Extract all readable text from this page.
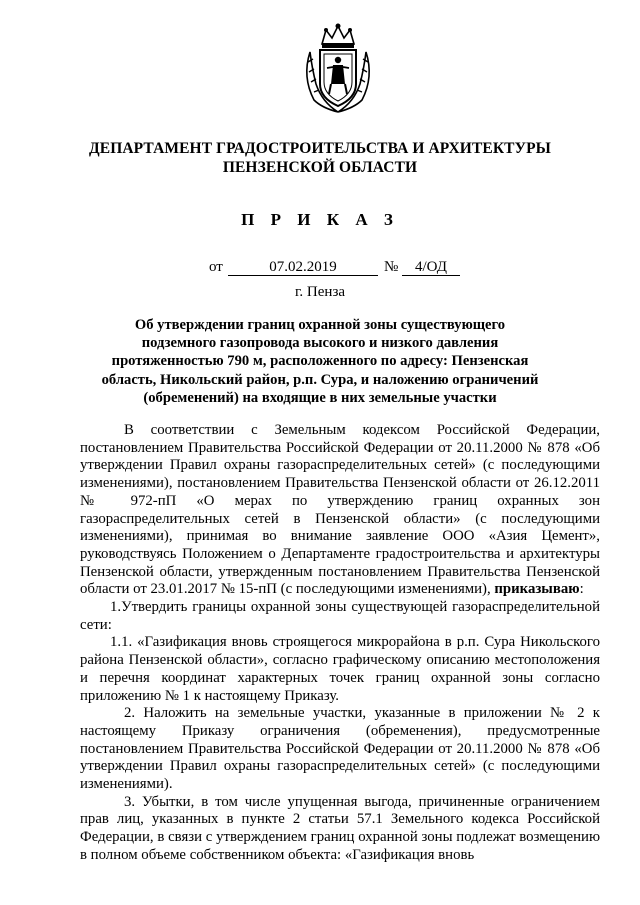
ДЕПАРТАМЕНТ ГРАДОСТРОИТЕЛЬСТВА И АРХИТЕКТУРЫ
ПЕНЗЕНСКОЙ ОБЛАСТИ
П Р И К А З
от	07.02.2019	№	4/ОД
г. Пенза
Об утверждении границ охранной зоны существующего подземного газопровода высокого и низкого давления протяженностью 790 м, расположенного по адресу: Пензенская область, Никольский район, р.п. Сура, и наложению ограничений (обременений) на входящие в них земельные участки

В соответствии с Земельным кодексом Российской Федерации, постановлением Правительства Российской Федерации от 20.11.2000 № 878 «Об утверждении Правил охраны газораспределительных сетей» (с последующими изменениями), постановлением Правительства Пензенской области от 26.12.2011 № 972-пП «О мерах по утверждению границ охранных зон газораспределительных сетей в Пензенской области» (с последующими изменениями), принимая во внимание заявление ООО «Азия Цемент», руководствуясь Положением о Департаменте градостроительства и архитектуры Пензенской области, утвержденным постановлением Правительства Пензенской области от 23.01.2017 № 15-пП (с последующими изменениями), приказываю:

1.Утвердить границы охранной зоны существующей газораспределительной сети:

1.1. «Газификация вновь строящегося микрорайона в р.п. Сура Никольского района Пензенской области», согласно графическому описанию местоположения и перечня координат характерных точек границ охранной зоны согласно приложению № 1 к настоящему Приказу.

2. Наложить на земельные участки, указанные в приложении № 2 к настоящему Приказу ограничения (обременения), предусмотренные постановлением Правительства Российской Федерации от 20.11.2000 № 878 «Об утверждении Правил охраны газораспределительных сетей» (с последующими изменениями).

3. Убытки, в том числе упущенная выгода, причиненные ограничением прав лиц, указанных в пункте 2 статьи 57.1 Земельного кодекса Российской Федерации, в связи с утверждением границ охранной зоны подлежат возмещению в полном объеме собственником объекта: «Газификация вновь
